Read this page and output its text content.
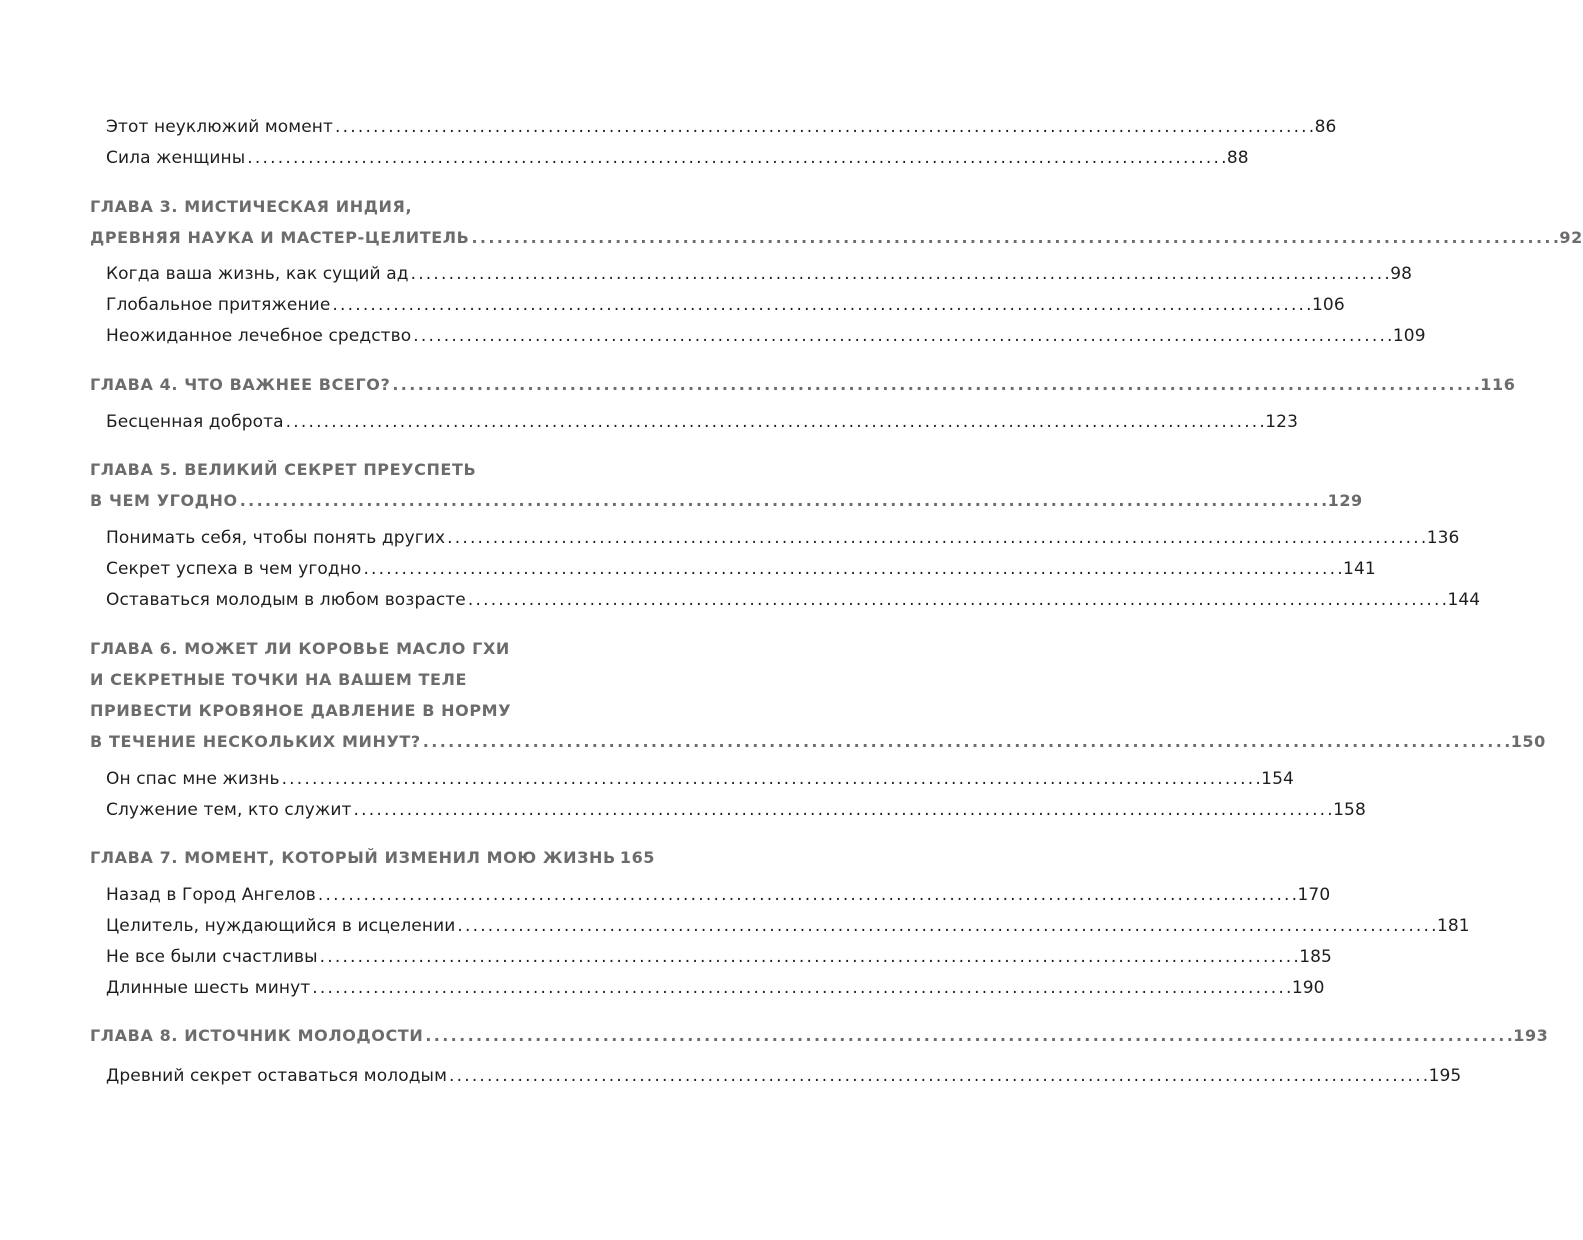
Этот неуклюжий момент . . .	86
Сила женщины . . .	88
ГЛАВА 3. МИСТИЧЕСКАЯ ИНДИЯ,
ДРЕВНЯЯ НАУКА И МАСТЕР-ЦЕЛИТЕЛЬ . . .	92
Когда ваша жизнь, как сущий ад . . .	98
Глобальное притяжение . . .	106
Неожиданное лечебное средство . . .	109
ГЛАВА 4. ЧТО ВАЖНЕЕ ВСЕГО? . . .	116
Бесценная доброта . . .	123
ГЛАВА 5. ВЕЛИКИЙ СЕКРЕТ ПРЕУСПЕТЬ
В ЧЕМ УГОДНО . . .	129
Понимать себя, чтобы понять других . . .	136
Секрет успеха в чем угодно . . .	141
Оставаться молодым в любом возрасте . . .	144
ГЛАВА 6. МОЖЕТ ЛИ КОРОВЬЕ МАСЛО ГХИ
И СЕКРЕТНЫЕ ТОЧКИ НА ВАШЕМ ТЕЛЕ
ПРИВЕСТИ КРОВЯНОЕ ДАВЛЕНИЕ В НОРМУ
В ТЕЧЕНИЕ НЕСКОЛЬКИХ МИНУТ? . . .	150
Он спас мне жизнь . . .	154
Служение тем, кто служит . . .	158
ГЛАВА 7. МОМЕНТ, КОТОРЫЙ ИЗМЕНИЛ МОЮ ЖИЗНЬ 165
Назад в Город Ангелов . . .	170
Целитель, нуждающийся в исцелении . . .	181
Не все были счастливы . . .	185
Длинные шесть минут . . .	190
ГЛАВА 8. ИСТОЧНИК МОЛОДОСТИ . . .	193
Древний секрет оставаться молодым . . .	195
